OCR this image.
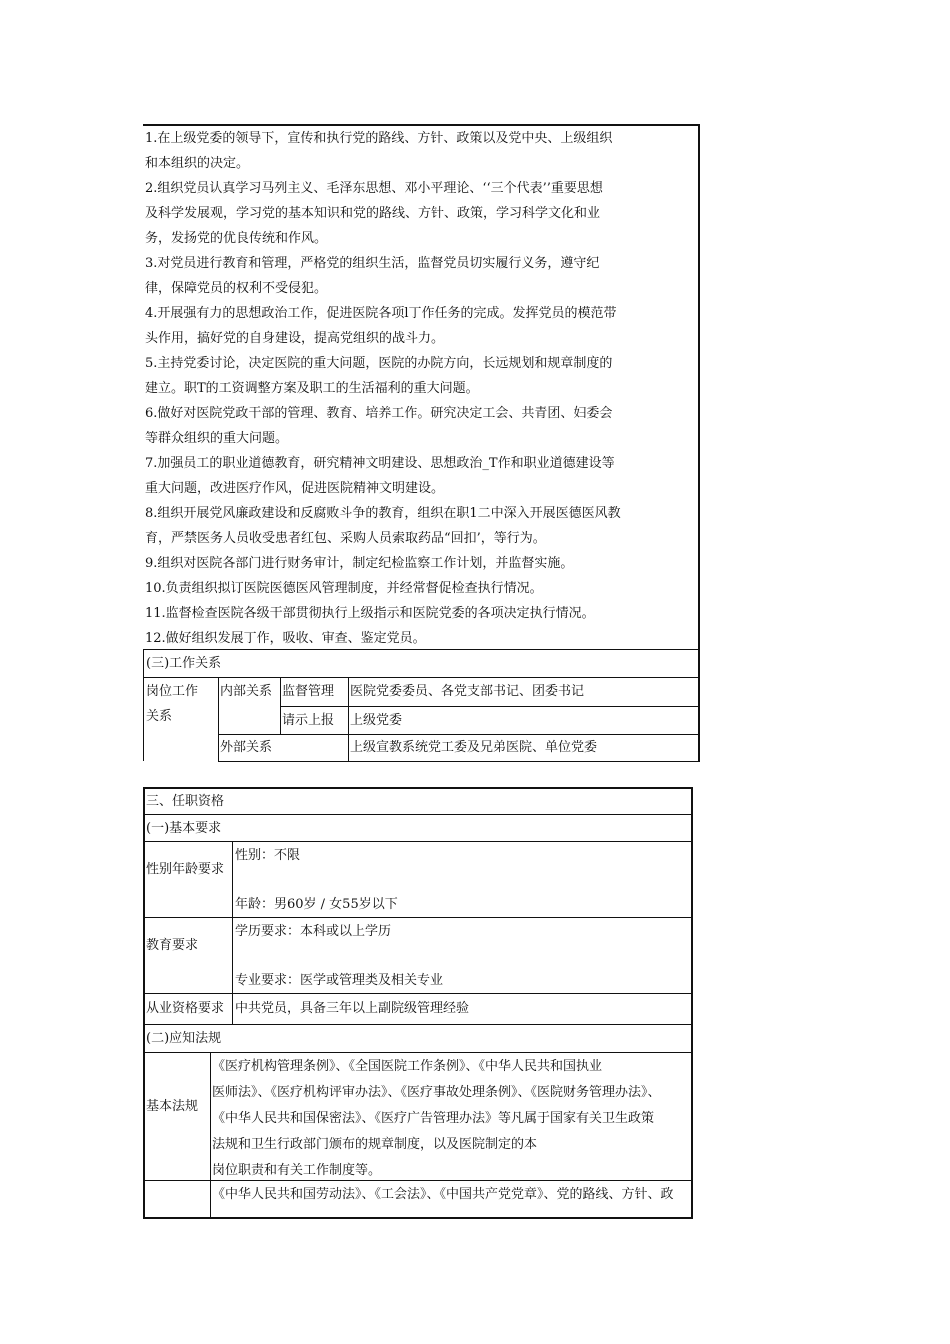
1.在上级党委的领导下，宣传和执行党的路线、方针、政策以及党中央、上级组织
和本组织的决定。

2.组织党员认真学习马列主义、毛泽东思想、邓小平理论、‘‘三个代表’’重要思想
及科学发展观，学习党的基本知识和党的路线、方针、政策，学习科学文化和业
务，发扬党的优良传统和作风。

3.对党员进行教育和管理，严格党的组织生活，监督党员切实履行义务，遵守纪
律，保障党员的权利不受侵犯。

4.开展强有力的思想政治工作，促进医院各项l丁作任务的完成。发挥党员的模范带
头作用，搞好党的自身建设，提高党组织的战斗力。

5.主持党委讨论，决定医院的重大问题，医院的办院方向，长远规划和规章制度的
建立。职T的工资调整方案及职工的生活福利的重大问题。

6.做好对医院党政干部的管理、教育、培养工作。研究决定工会、共青团、妇委会
等群众组织的重大问题。

7.加强员工的职业道德教育，研究精神文明建设、思想政治_T作和职业道德建设等
重大问题，改进医疗作风，促进医院精神文明建设。

8.组织开展党风廉政建设和反腐败斗争的教育，组织在职1二中深入开展医德医风教
育，严禁医务人员收受患者红包、采购人员索取药品“回扣’，等行为。

9.组织对医院各部门进行财务审计，制定纪检监察工作计划，并监督实施。

10.负责组织拟订医院医德医风管理制度，并经常督促检查执行情况。

11.监督检查医院各级干部贯彻执行上级指示和医院党委的各项决定执行情况。

12.做好组织发展丁作，吸收、审查、鉴定党员。

(三)工作关系
岗位工作
关系
内部关系 监督管理 医院党委委员、各党支部书记、团委书记
请示上报 上级党委
外部关系	上级宣教系统党工委及兄弟医院、单位党委
三、任职资格
(一)基本要求
性别年龄要求
性别：不限
年龄：男60岁 / 女55岁以下
教育要求
学历要求：本科或以上学历
专业要求：医学或管理类及相关专业
从业资格要求 中共党员，具备三年以上副院级管理经验
(二)应知法规
基本法规
《医疗机构管理条例》、《全国医院工作条例》、《中华人民共和国执业
医师法》、《医疗机构评审办法》、《医疗事故处理条例》、《医院财务管理办法》、
《中华人民共和国保密法》、《医疗广告管理办法》等凡属于国家有关卫生政策
法规和卫生行政部门颁布的规章制度，以及医院制定的本
岗位职责和有关工作制度等。
《中华人民共和国劳动法》、《工会法》、《中国共产党党章》、党的路线、方针、政
